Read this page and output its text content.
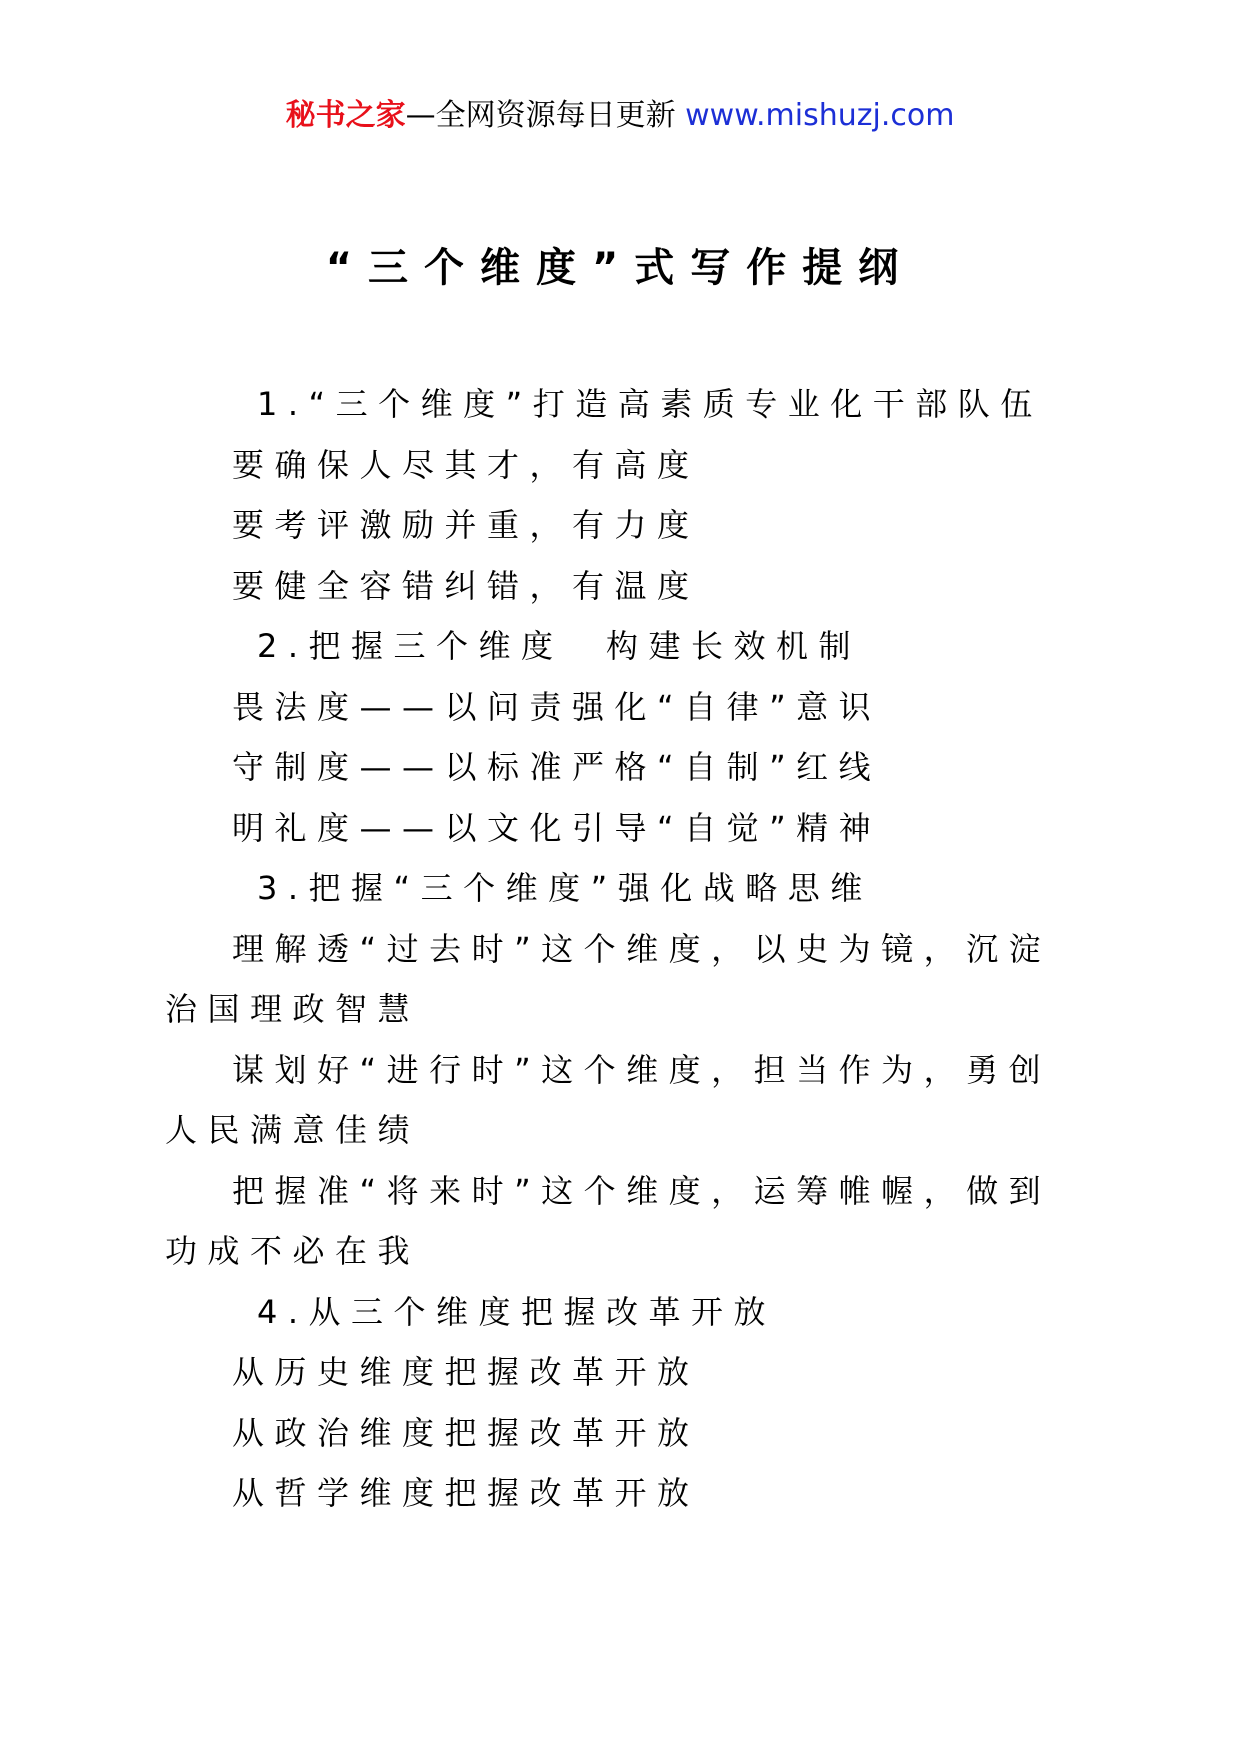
秘书之家—全网资源每日更新 www.mishuzj.com
“三个维度”式写作提纲

1.“三个维度”打造高素质专业化干部队伍

要确保人尽其才，有高度

要考评激励并重，有力度

要健全容错纠错，有温度

2.把握三个维度　构建长效机制

畏法度——以问责强化“自律”意识

守制度——以标准严格“自制”红线

明礼度——以文化引导“自觉”精神

3.把握“三个维度”强化战略思维

理解透“过去时”这个维度，以史为镜，沉淀治国理政智慧

谋划好“进行时”这个维度，担当作为，勇创人民满意佳绩

把握准“将来时”这个维度，运筹帷幄，做到功成不必在我

4.从三个维度把握改革开放

从历史维度把握改革开放

从政治维度把握改革开放

从哲学维度把握改革开放
